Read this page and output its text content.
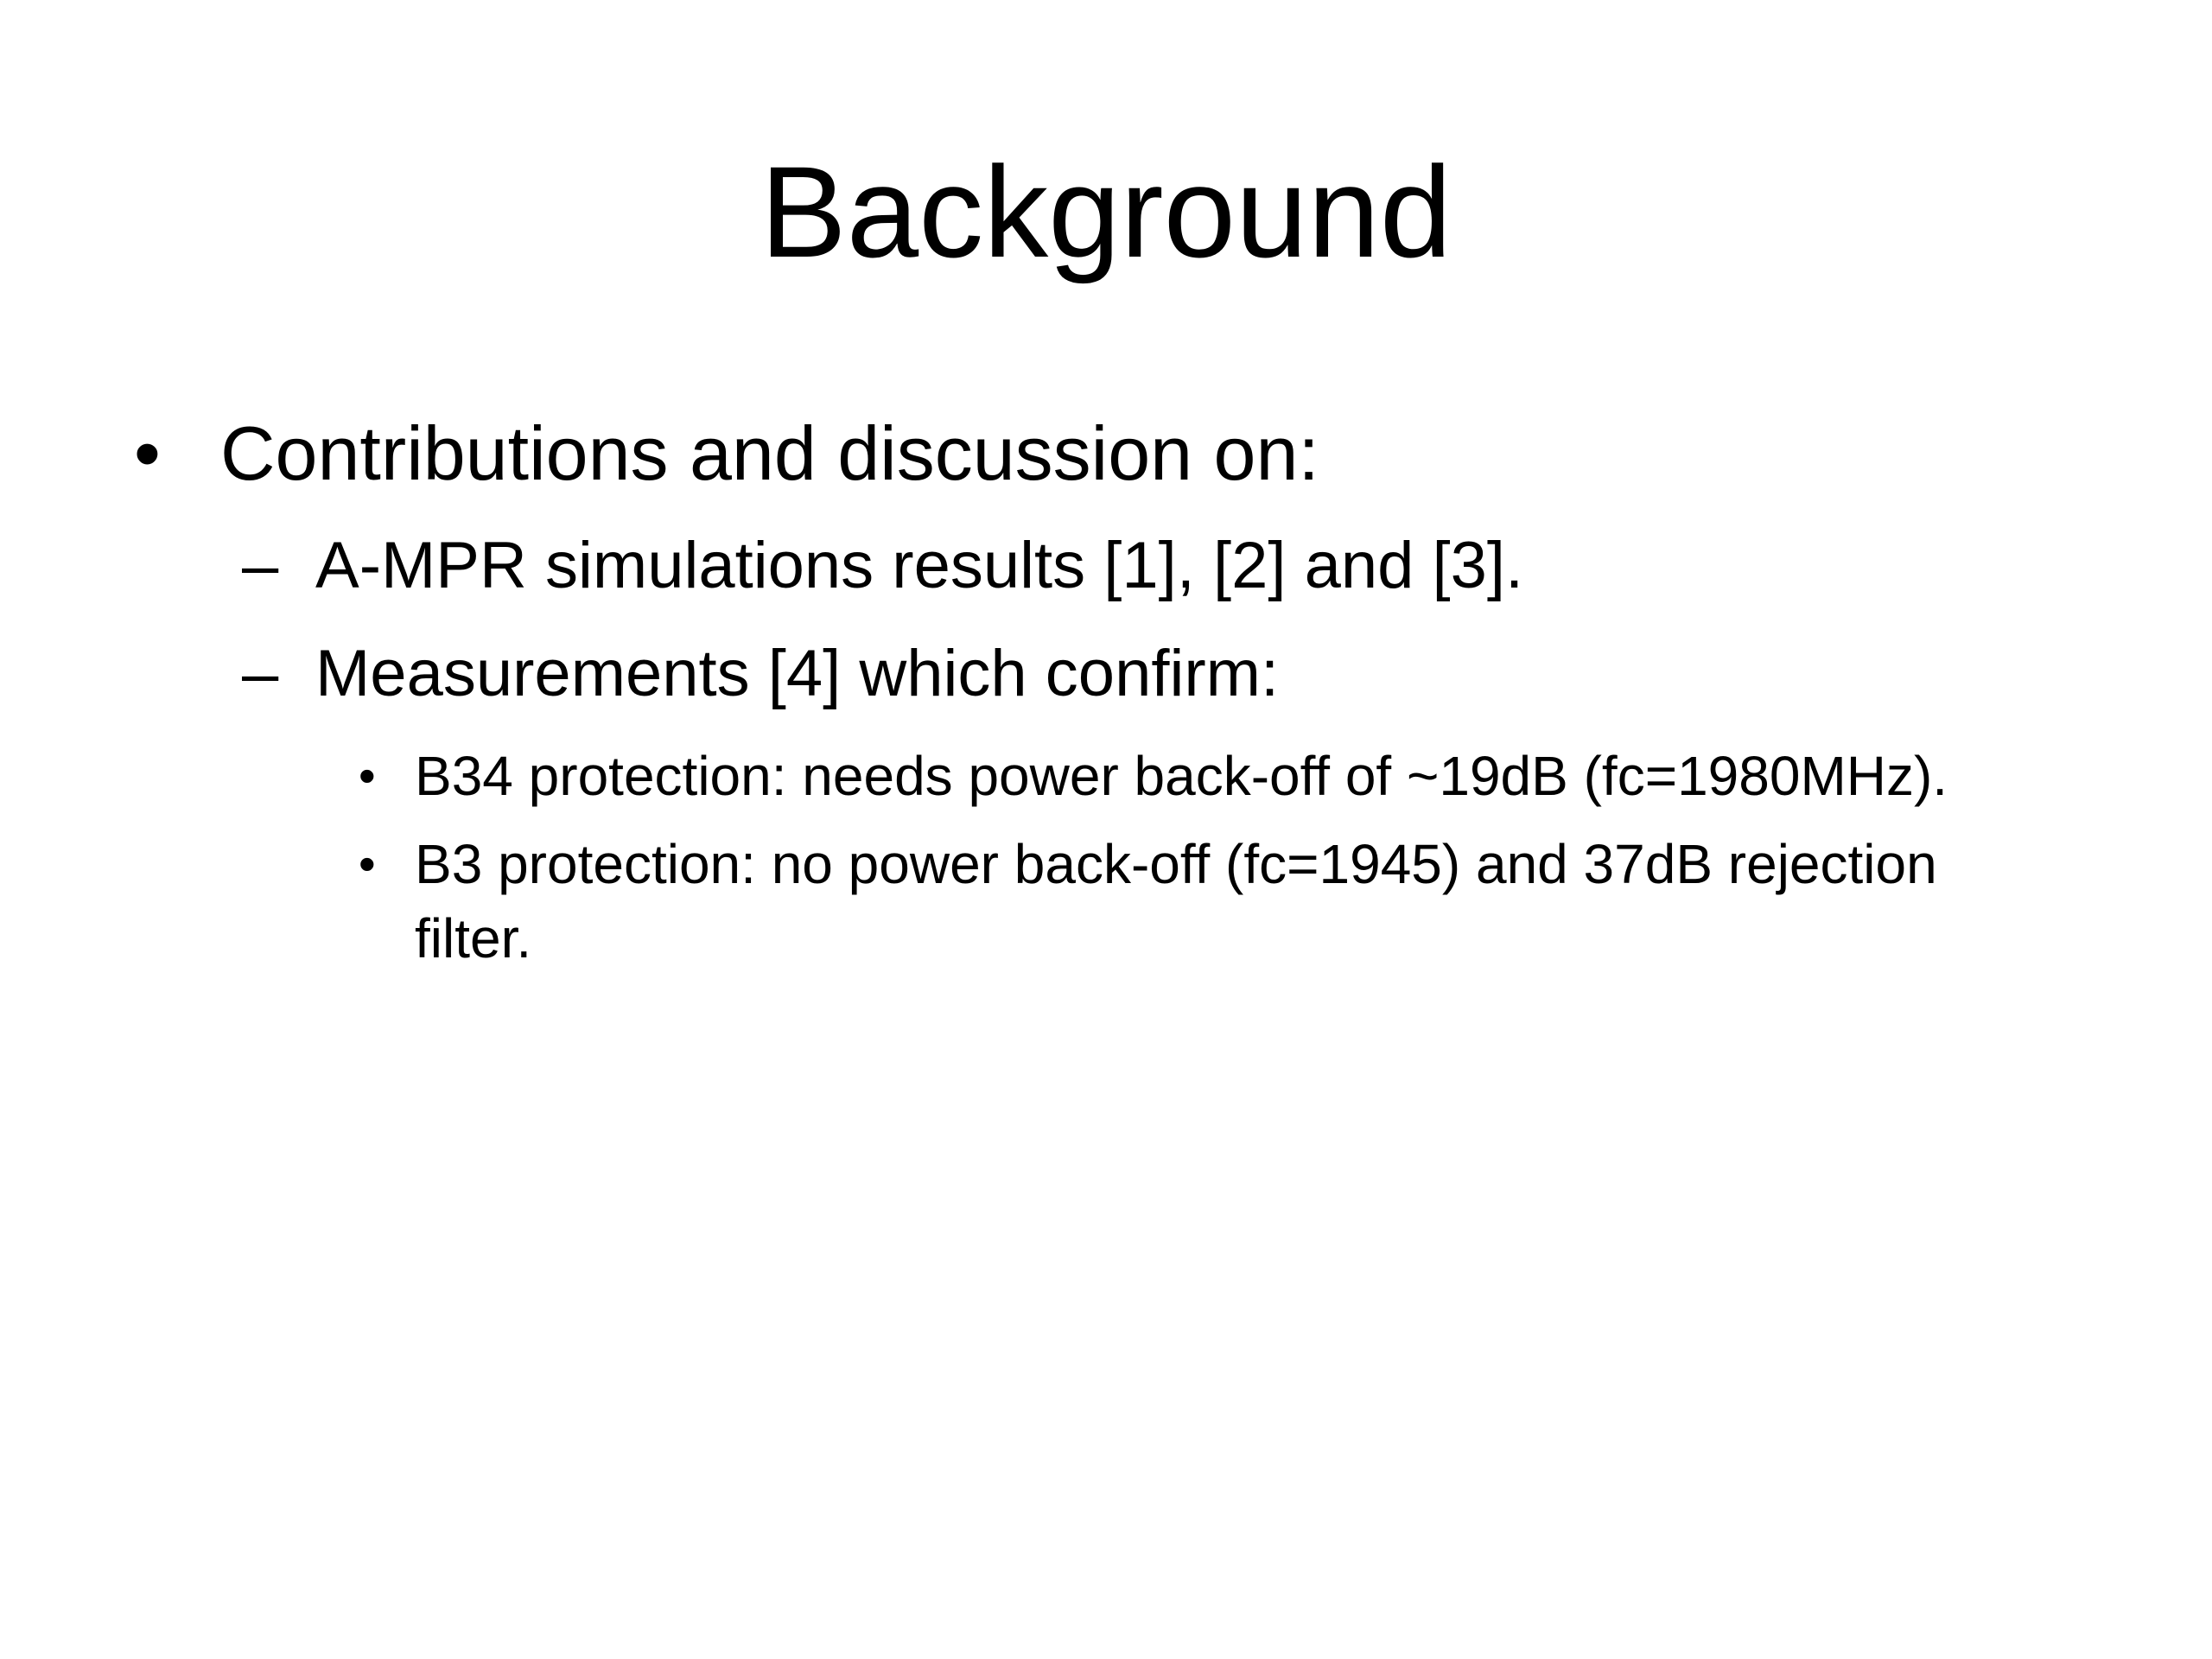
Background
• Contributions and discussion on:
– A-MPR simulations results [1], [2] and [3].
– Measurements [4] which confirm:
• B34 protection: needs power back-off of ~19dB (fc=1980MHz).
• B3 protection: no power back-off (fc=1945) and 37dB rejection filter.
